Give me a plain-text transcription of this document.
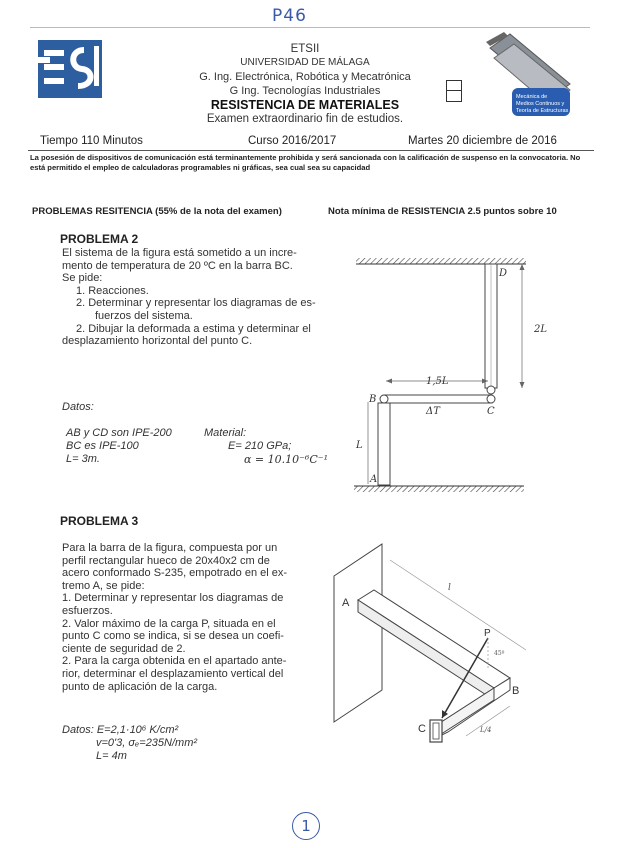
P46
ETSII
UNIVERSIDAD DE MÁLAGA
G. Ing. Electrónica, Robótica y Mecatrónica
G Ing. Tecnologías Industriales
RESISTENCIA DE MATERIALES
Examen extraordinario fin de estudios.
Mecánica de
Medios Continuos y
Teoría de Estructuras
Tiempo 110 Minutos	Curso 2016/2017	Martes 20 diciembre de 2016
La posesión de dispositivos de comunicación está terminantemente prohibida y será sancionada con la calificación de suspenso en la convocatoria. No está permitido el empleo de calculadoras programables ni gráficas, sea cual sea su capacidad
PROBLEMAS RESITENCIA (55% de la nota del examen)	Nota mínima de RESISTENCIA 2.5 puntos sobre 10
PROBLEMA 2
El sistema de la figura está sometido a un incre-
mento de temperatura de 20 ºC en la barra BC.
Se pide:
1. Reacciones.
2. Determinar y representar los diagramas de es-
fuerzos del sistema.
2. Dibujar la deformada a estima y determinar el
desplazamiento horizontal del punto C.
Datos:
AB y CD son IPE-200
BC es IPE-100
L= 3m.
Material:
E= 210 GPa;
α = 10.10⁻⁶C⁻¹
D
2L
1,5L
B
C
ΔT
L
A
PROBLEMA 3
Para la barra de la figura, compuesta por un
perfil rectangular hueco de 20x40x2 cm de
acero conformado S-235, empotrado en el ex-
tremo A, se pide:
1. Determinar y representar los diagramas de
esfuerzos.
2. Valor máximo de la carga P, situada en el
punto C como se indica, si se desea un coefi-
ciente de seguridad de 2.
2. Para la carga obtenida en el apartado ante-
rior, determinar el desplazamiento vertical del
punto de aplicación de la carga.
Datos: E=2,1·10⁶ K/cm²
v=0'3, σₑ=235N/mm²
L= 4m
A
l
P
45º
B
C	L/4
1
